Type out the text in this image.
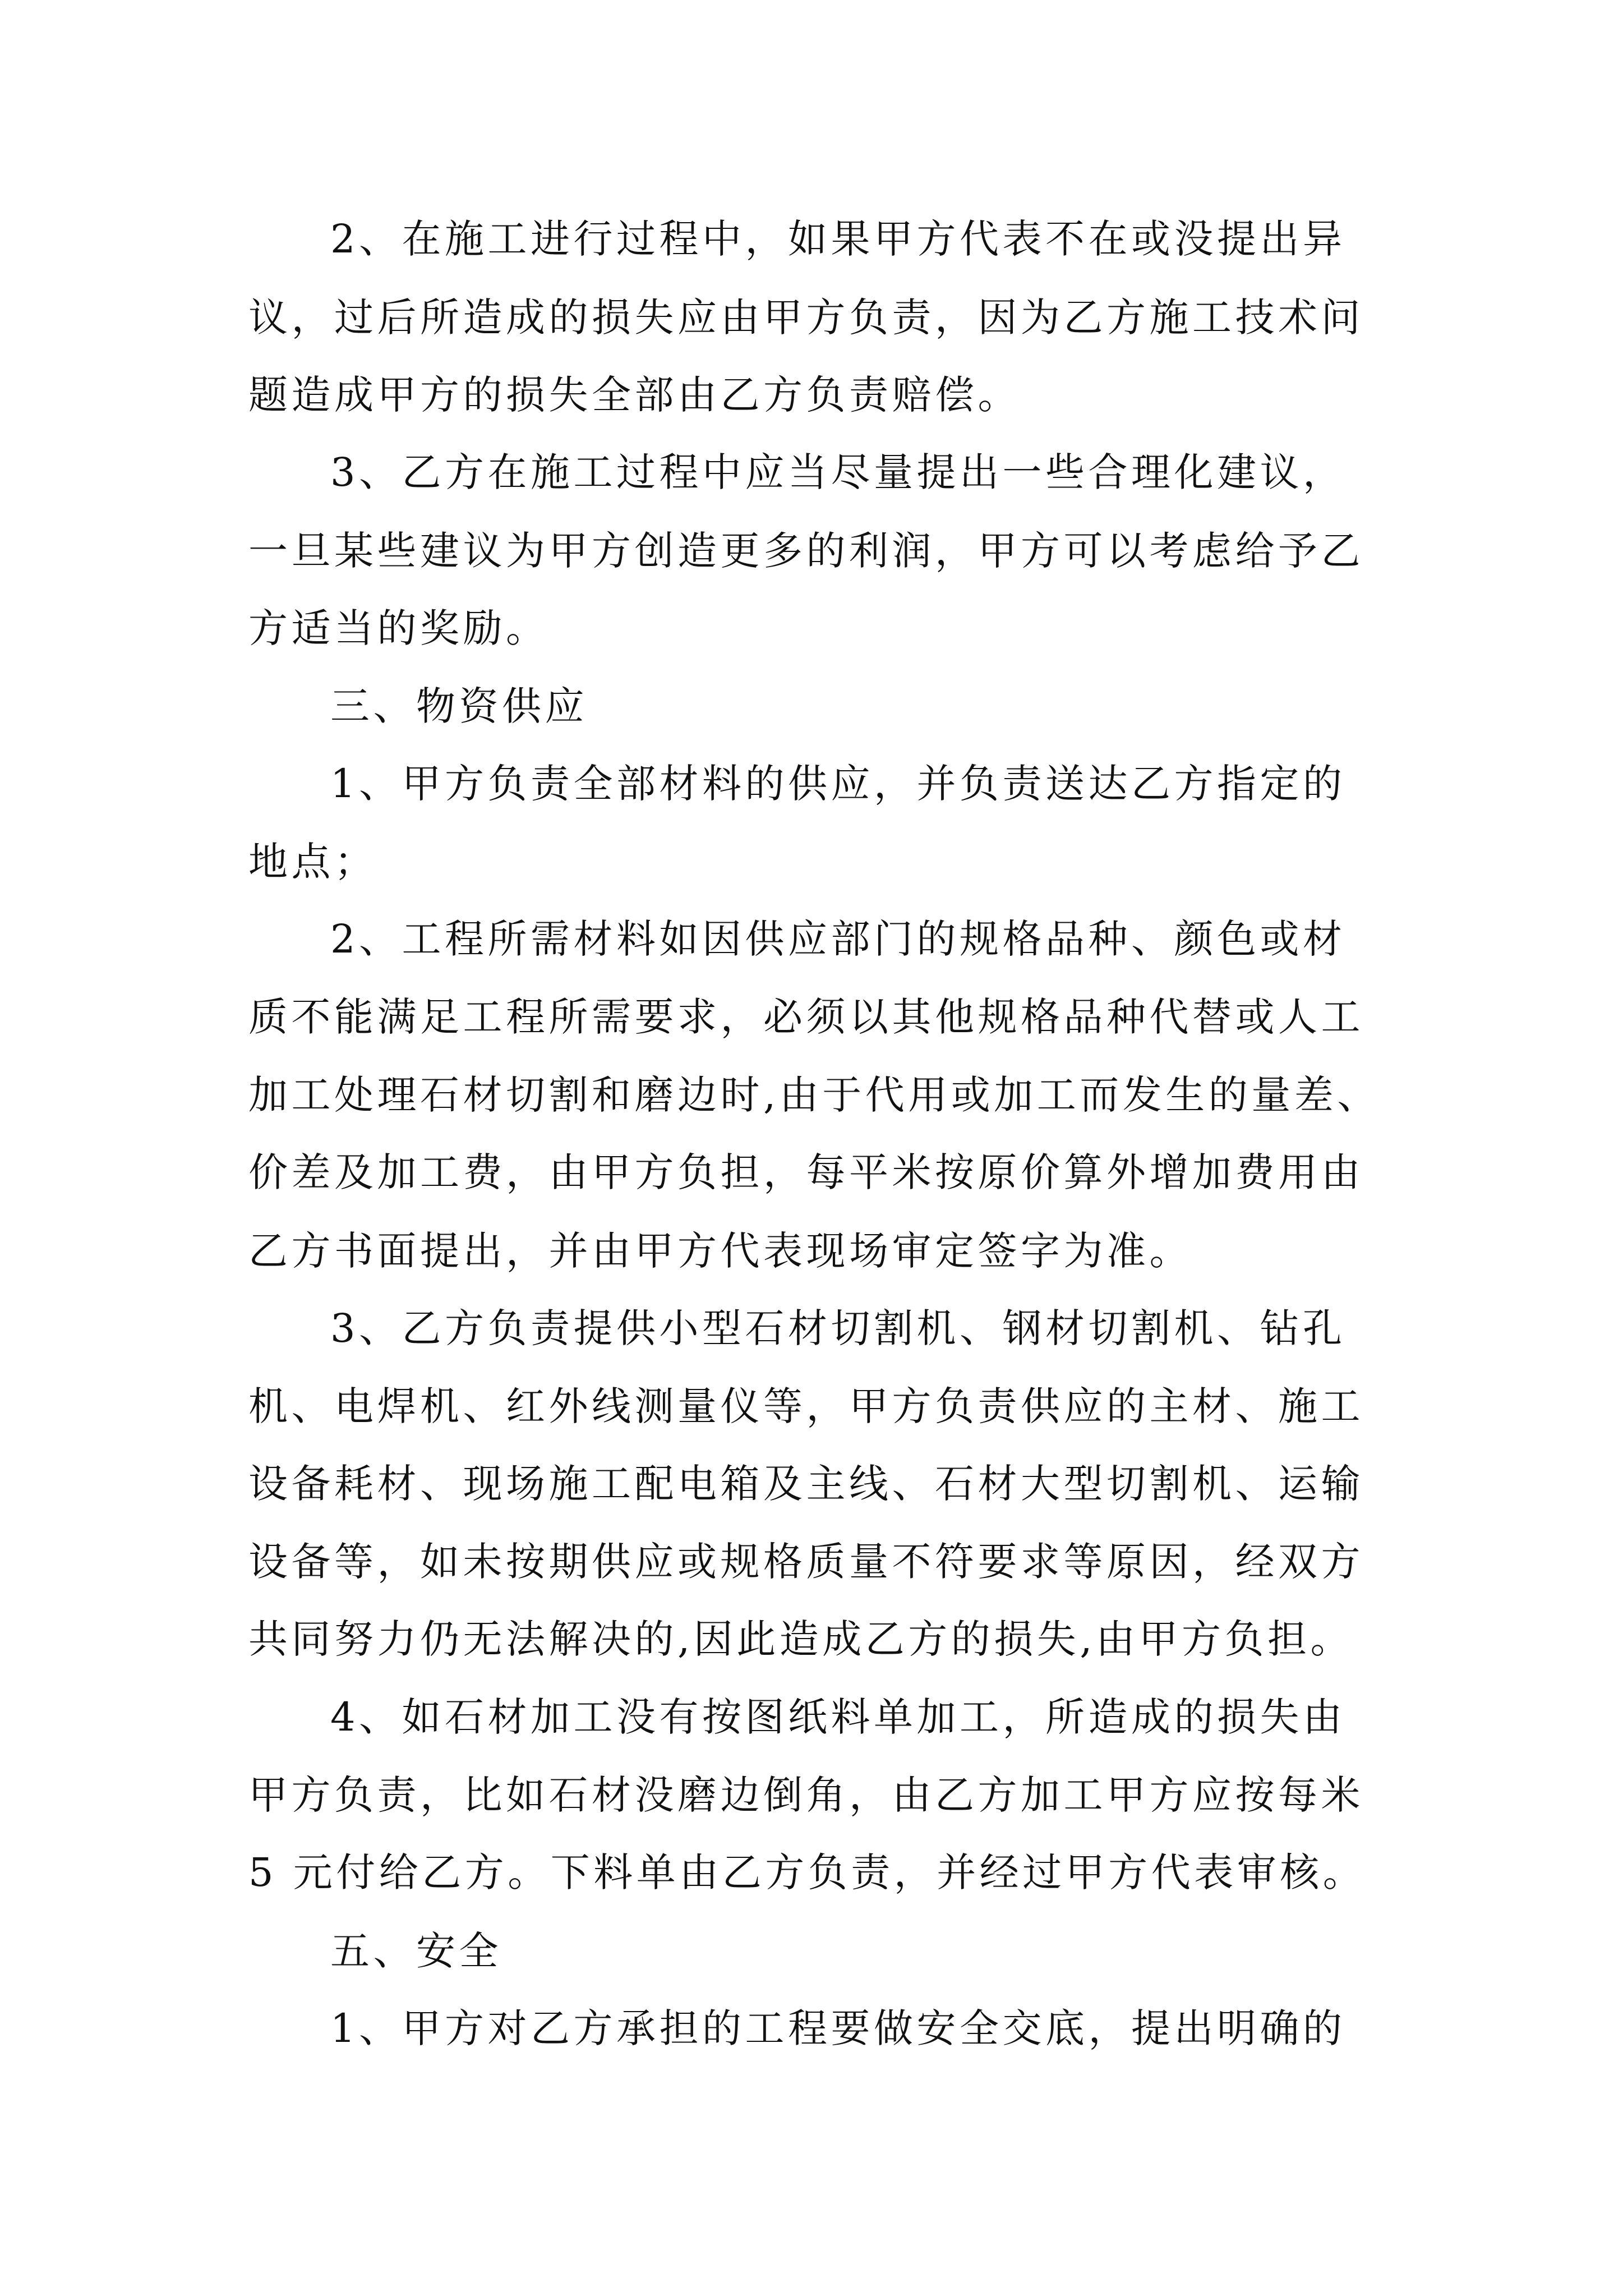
2、在施工进行过程中，如果甲方代表不在或没提出异
议，过后所造成的损失应由甲方负责，因为乙方施工技术问
题造成甲方的损失全部由乙方负责赔偿。
3、乙方在施工过程中应当尽量提出一些合理化建议，
一旦某些建议为甲方创造更多的利润，甲方可以考虑给予乙
方适当的奖励。
三、物资供应
1、甲方负责全部材料的供应，并负责送达乙方指定的
地点；
2、工程所需材料如因供应部门的规格品种、颜色或材
质不能满足工程所需要求，必须以其他规格品种代替或人工
加工处理石材切割和磨边时,由于代用或加工而发生的量差、
价差及加工费，由甲方负担，每平米按原价算外增加费用由
乙方书面提出，并由甲方代表现场审定签字为准。
3、乙方负责提供小型石材切割机、钢材切割机、钻孔
机、电焊机、红外线测量仪等，甲方负责供应的主材、施工
设备耗材、现场施工配电箱及主线、石材大型切割机、运输
设备等，如未按期供应或规格质量不符要求等原因，经双方
共同努力仍无法解决的,因此造成乙方的损失,由甲方负担。
4、如石材加工没有按图纸料单加工，所造成的损失由
甲方负责，比如石材没磨边倒角，由乙方加工甲方应按每米
5 元付给乙方。下料单由乙方负责，并经过甲方代表审核。
五、安全
1、甲方对乙方承担的工程要做安全交底，提出明确的
